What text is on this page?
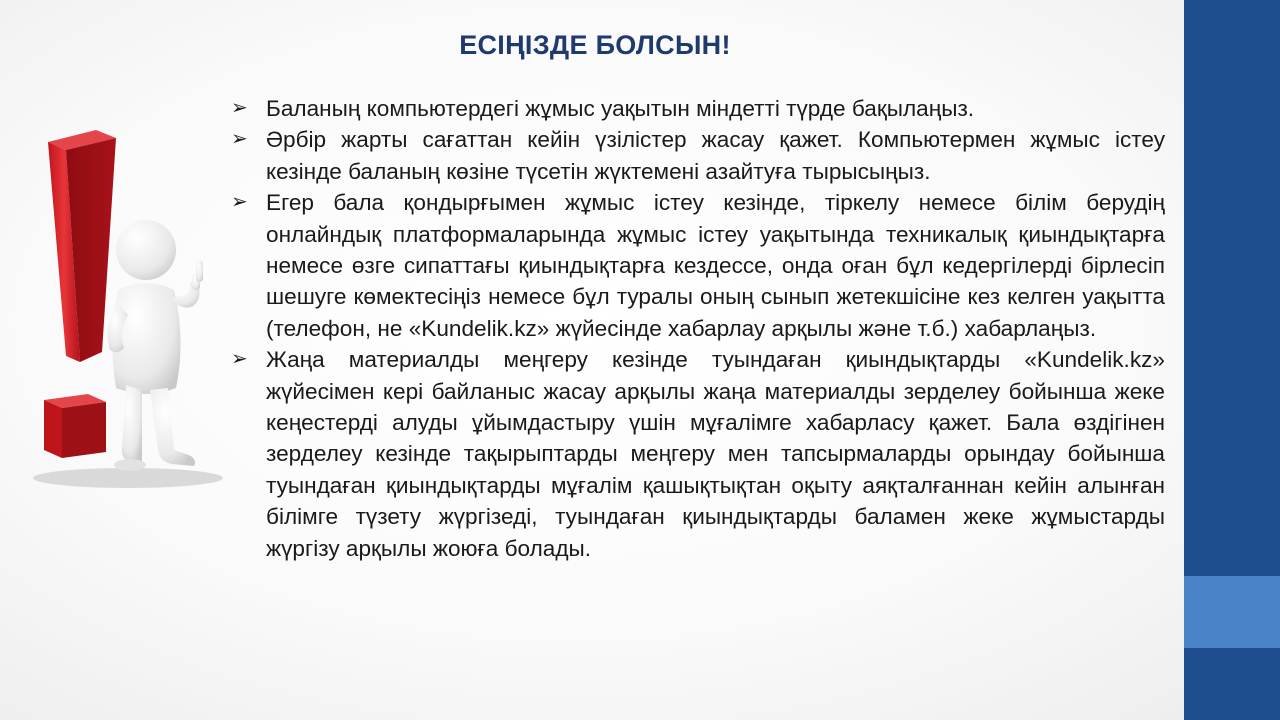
ЕСІҢІЗДЕ БОЛСЫН!
➢ Баланың компьютердегі жұмыс уақытын міндетті түрде бақылаңыз.
➢ Әрбір жарты сағаттан кейін үзілістер жасау қажет. Компьютермен жұмыс істеу кезінде баланың көзіне түсетін жүктемені азайтуға тырысыңыз.
➢ Егер бала қондырғымен жұмыс істеу кезінде, тіркелу немесе білім берудің онлайндық платформаларында жұмыс істеу уақытында техникалық қиындықтарға немесе өзге сипаттағы қиындықтарға кездессе, онда оған бұл кедергілерді бірлесіп шешуге көмектесіңіз немесе бұл туралы оның сынып жетекшісіне кез келген уақытта (телефон, не «Kundelik.kz» жүйесінде хабарлау арқылы және т.б.) хабарлаңыз.
➢ Жаңа материалды меңгеру кезінде туындаған қиындықтарды «Kundelik.kz» жүйесімен кері байланыс жасау арқылы жаңа материалды зерделеу бойынша жеке кеңестерді алуды ұйымдастыру үшін мұғалімге хабарласу қажет. Бала өздігінен зерделеу кезінде тақырыптарды меңгеру мен тапсырмаларды орындау бойынша туындаған қиындықтарды мұғалім қашықтықтан оқыту аяқталғаннан кейін алынған білімге түзету жүргізеді, туындаған қиындықтарды баламен жеке жұмыстарды жүргізу арқылы жоюға болады.
